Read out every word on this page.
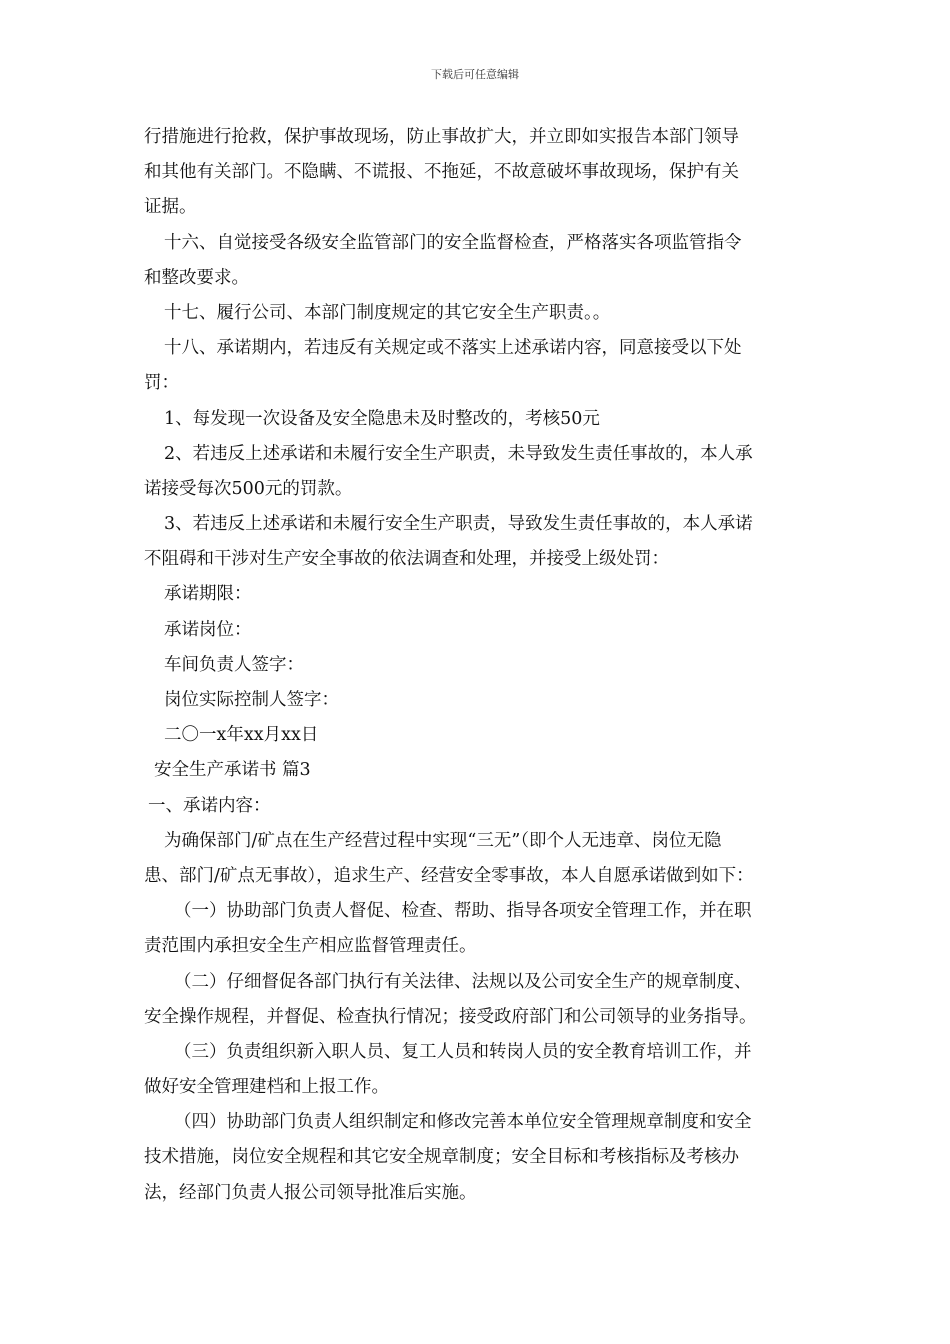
下载后可任意编辑
行措施进行抢救，保护事故现场，防止事故扩大，并立即如实报告本部门领导
和其他有关部门。不隐瞒、不谎报、不拖延，不故意破坏事故现场，保护有关
证据。
十六、自觉接受各级安全监管部门的安全监督检查，严格落实各项监管指令
和整改要求。
十七、履行公司、本部门制度规定的其它安全生产职责。。
十八、承诺期内，若违反有关规定或不落实上述承诺内容，同意接受以下处
罚：
1、每发现一次设备及安全隐患未及时整改的，考核50元
2、若违反上述承诺和未履行安全生产职责，未导致发生责任事故的，本人承
诺接受每次500元的罚款。
3、若违反上述承诺和未履行安全生产职责，导致发生责任事故的，本人承诺
不阻碍和干涉对生产安全事故的依法调查和处理，并接受上级处罚：
承诺期限：
承诺岗位：
车间负责人签字：
岗位实际控制人签字：
二〇一x年xx月xx日
安全生产承诺书 篇3
一、承诺内容：
为确保部门/矿点在生产经营过程中实现“三无”（即个人无违章、岗位无隐
患、部门/矿点无事故），追求生产、经营安全零事故，本人自愿承诺做到如下：
（一）协助部门负责人督促、检查、帮助、指导各项安全管理工作，并在职
责范围内承担安全生产相应监督管理责任。
（二）仔细督促各部门执行有关法律、法规以及公司安全生产的规章制度、
安全操作规程，并督促、检查执行情况；接受政府部门和公司领导的业务指导。
（三）负责组织新入职人员、复工人员和转岗人员的安全教育培训工作，并
做好安全管理建档和上报工作。
（四）协助部门负责人组织制定和修改完善本单位安全管理规章制度和安全
技术措施，岗位安全规程和其它安全规章制度；安全目标和考核指标及考核办
法，经部门负责人报公司领导批准后实施。
